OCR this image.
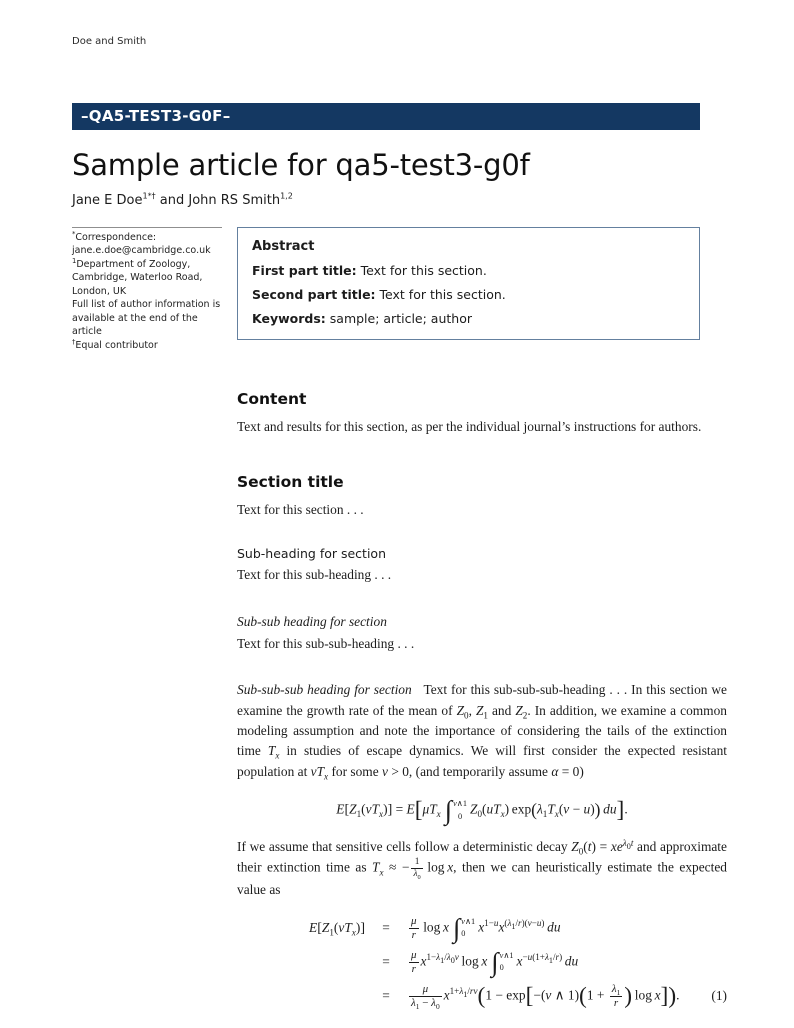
Doe and Smith
–QA5-TEST3-G0F–
Sample article for qa5-test3-g0f
Jane E Doe$^{1*\dagger}$ and John RS Smith$^{1,2}$
*Correspondence:
jane.e.doe@cambridge.co.uk
$^1$Department of Zoology,
Cambridge, Waterloo Road,
London, UK
Full list of author information is available at the end of the article
†Equal contributor
Abstract
First part title: Text for this section.
Second part title: Text for this section.
Keywords: sample; article; author
Content

Text and results for this section, as per the individual journal’s instructions for authors.

Section title

Text for this section . . .

Sub-heading for section

Text for this sub-heading . . .

Sub-sub heading for section

Text for this sub-sub-heading . . .

Sub-sub-sub heading for section   Text for this sub-sub-sub-heading . . . In this section we examine the growth rate of the mean of $Z_0$, $Z_1$ and $Z_2$. In addition, we examine a common modeling assumption and note the importance of considering the tails of the extinction time $T_x$ in studies of escape dynamics. We will first consider the expected resistant population at $vT_x$ for some v > 0, (and temporarily assume α = 0)

$E[Z_1(vT_x)] = E[\mu T_x$ ∫ v∧1
0 $Z_0(uT_x) \exp(\lambda_1T_x(v - u))$  du].

If we assume that sensitive cells follow a deterministic decay $Z_0(t) = xe^{\lambda_0t}$ and approximate their extinction time as $T_x$ ≈ − $\frac{1}{\lambda_0}$  log x, then we can heuristically estimate the expected value as

$E[Z_1(vT_x)]$	=	$\frac{\mu}{r}$  log x ∫ v∧1
0 $x^{1-u}x^{(\lambda_1/r)(v-u)}$  du
=	$\frac{\mu}{r} x^{1-\lambda_1/\lambda_0v}$ log x ∫ v∧1
0 $x^{-u(1+\lambda_1/r)}$  du
=	$\frac{\mu}{\lambda_1 - \lambda_0} x^{1+\lambda_1/rv}(1 - \exp[-(v$ ∧ $1)(1 + \frac{\lambda_1}{r}$ ) log x]).	(1)
